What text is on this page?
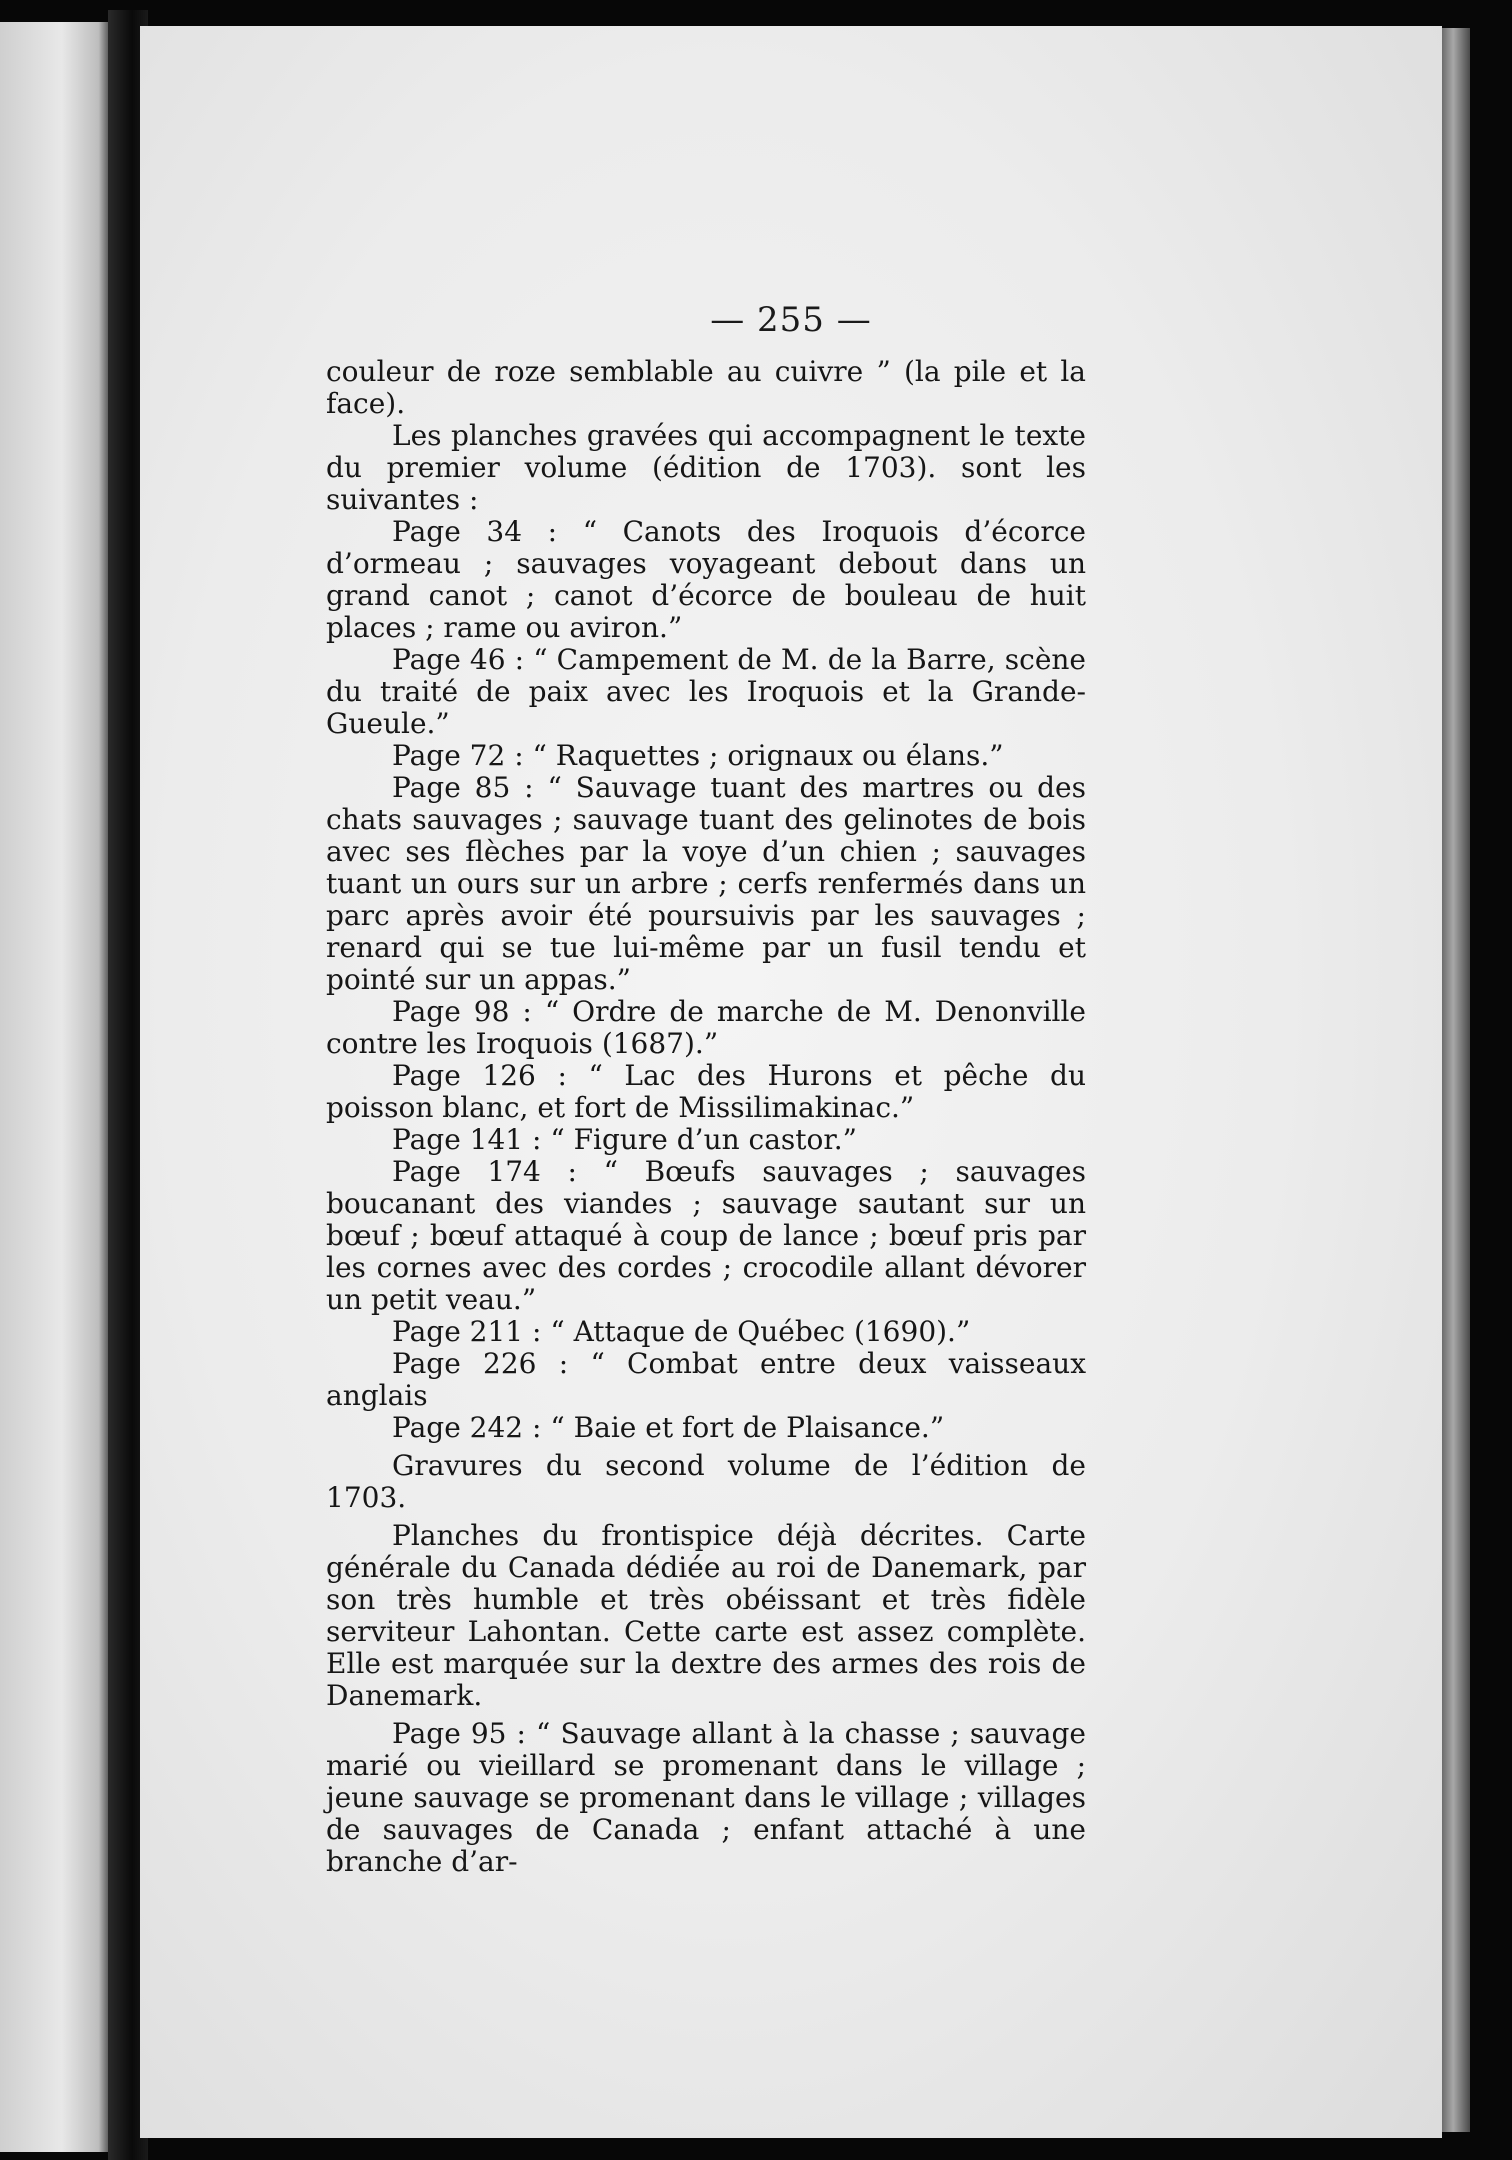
— 255 —

couleur de roze semblable au cuivre ” (la pile et la face).

Les planches gravées qui accompagnent le texte du premier volume (édition de 1703). sont les suivantes :

Page 34 : “ Canots des Iroquois d’écorce d’ormeau ; sauvages voyageant debout dans un grand canot ; canot d’écorce de bouleau de huit places ; rame ou aviron.”

Page 46 : “ Campement de M. de la Barre, scène du traité de paix avec les Iroquois et la Grande-Gueule.”

Page 72 : “ Raquettes ; orignaux ou élans.”

Page 85 : “ Sauvage tuant des martres ou des chats sauvages ; sauvage tuant des gelinotes de bois avec ses flèches par la voye d’un chien ; sauvages tuant un ours sur un arbre ; cerfs renfermés dans un parc après avoir été poursuivis par les sauvages ; renard qui se tue lui-même par un fusil tendu et pointé sur un appas.”

Page 98 : “ Ordre de marche de M. Denonville contre les Iroquois (1687).”

Page 126 : “ Lac des Hurons et pêche du poisson blanc, et fort de Missilimakinac.”

Page 141 : “ Figure d’un castor.”

Page 174 : “ Bœufs sauvages ; sauvages boucanant des viandes ; sauvage sautant sur un bœuf ; bœuf attaqué à coup de lance ; bœuf pris par les cornes avec des cordes ; crocodile allant dévorer un petit veau.”

Page 211 : “ Attaque de Québec (1690).”

Page 226 : “ Combat entre deux vaisseaux anglais

Page 242 : “ Baie et fort de Plaisance.”

Gravures du second volume de l’édition de 1703.

Planches du frontispice déjà décrites. Carte générale du Canada dédiée au roi de Danemark, par son très humble et très obéissant et très fidèle serviteur Lahontan. Cette carte est assez complète. Elle est marquée sur la dextre des armes des rois de Danemark.

Page 95 : “ Sauvage allant à la chasse ; sauvage marié ou vieillard se promenant dans le village ; jeune sauvage se promenant dans le village ; villages de sauvages de Canada ; enfant attaché à une branche d’ar-
